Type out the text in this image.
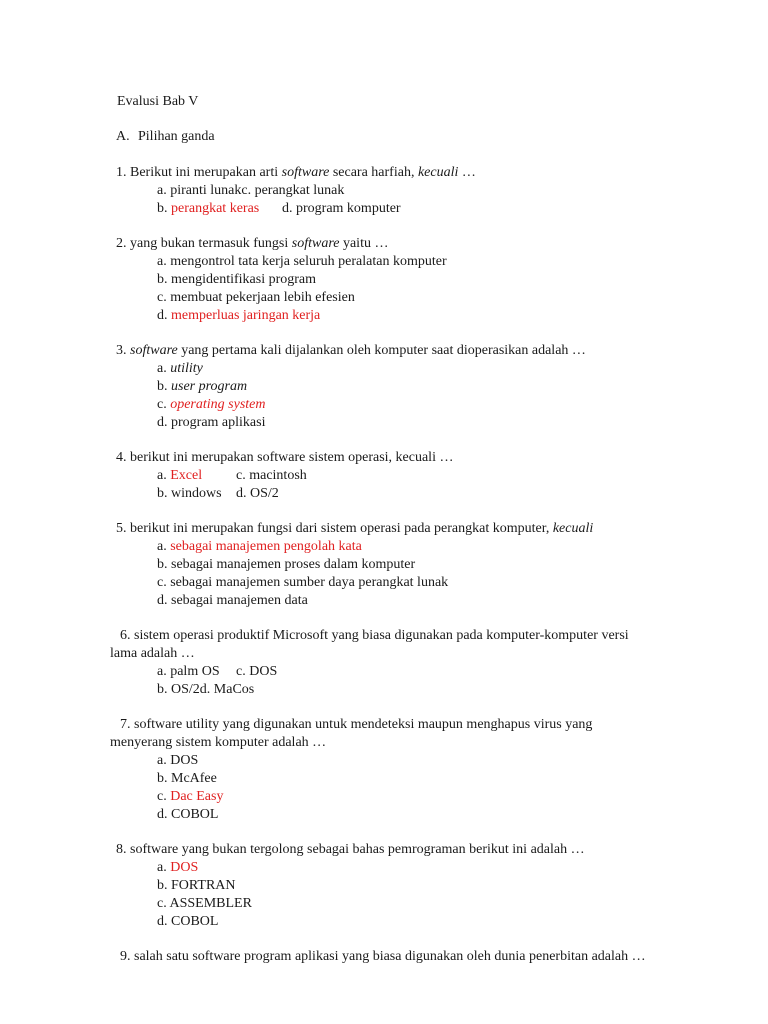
Evalusi Bab V
A. Pilihan ganda
1. Berikut ini merupakan arti software secara harfiah, kecuali …
a. piranti lunakc. perangkat lunak
b. perangkat keras d. program komputer
2. yang bukan termasuk fungsi software yaitu …
a. mengontrol tata kerja seluruh peralatan komputer
b. mengidentifikasi program
c. membuat pekerjaan lebih efesien
d. memperluas jaringan kerja
3. software yang pertama kali dijalankan oleh komputer saat dioperasikan adalah …
a. utility
b. user program
c. operating system
d. program aplikasi
4. berikut ini merupakan software sistem operasi, kecuali …
a. Excel c. macintosh
b. windows d. OS/2
5. berikut ini merupakan fungsi dari sistem operasi pada perangkat komputer, kecuali
a. sebagai manajemen pengolah kata
b. sebagai manajemen proses dalam komputer
c. sebagai manajemen sumber daya perangkat lunak
d. sebagai manajemen data
6. sistem operasi produktif Microsoft yang biasa digunakan pada komputer-komputer versi lama adalah …
a. palm OS c. DOS
b. OS/2d. MaCos
7. software utility yang digunakan untuk mendeteksi maupun menghapus virus yang menyerang sistem komputer adalah …
a. DOS
b. McAfee
c. Dac Easy
d. COBOL
8. software yang bukan tergolong sebagai bahas pemrograman berikut ini adalah …
a. DOS
b. FORTRAN
c. ASSEMBLER
d. COBOL
9. salah satu software program aplikasi yang biasa digunakan oleh dunia penerbitan adalah …
